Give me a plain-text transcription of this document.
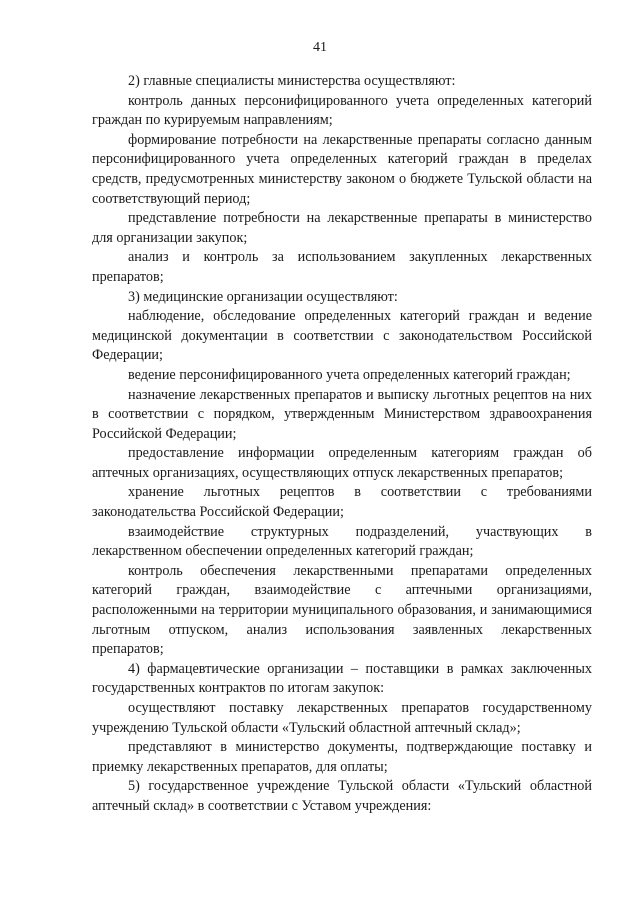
41

2) главные специалисты министерства осуществляют:

контроль данных персонифицированного учета определенных категорий граждан по курируемым направлениям;

формирование потребности на лекарственные препараты согласно данным персонифицированного учета определенных категорий граждан в пределах средств, предусмотренных министерству законом о бюджете Тульской области на соответствующий период;

представление потребности на лекарственные препараты в министерство для организации закупок;

анализ и контроль за использованием закупленных лекарственных препаратов;

3) медицинские организации осуществляют:

наблюдение, обследование определенных категорий граждан и ведение медицинской документации в соответствии с законодательством Российской Федерации;

ведение персонифицированного учета определенных категорий граждан;

назначение лекарственных препаратов и выписку льготных рецептов на них в соответствии с порядком, утвержденным Министерством здравоохранения Российской Федерации;

предоставление информации определенным категориям граждан об аптечных организациях, осуществляющих отпуск лекарственных препаратов;

хранение льготных рецептов в соответствии с требованиями законодательства Российской Федерации;

взаимодействие структурных подразделений, участвующих в лекарственном обеспечении определенных категорий граждан;

контроль обеспечения лекарственными препаратами определенных категорий граждан, взаимодействие с аптечными организациями, расположенными на территории муниципального образования, и занимающимися льготным отпуском, анализ использования заявленных лекарственных препаратов;

4) фармацевтические организации – поставщики в рамках заключенных государственных контрактов по итогам закупок:

осуществляют поставку лекарственных препаратов государственному учреждению Тульской области «Тульский областной аптечный склад»;

представляют в министерство документы, подтверждающие поставку и приемку лекарственных препаратов, для оплаты;

5) государственное учреждение Тульской области «Тульский областной аптечный склад» в соответствии с Уставом учреждения:
